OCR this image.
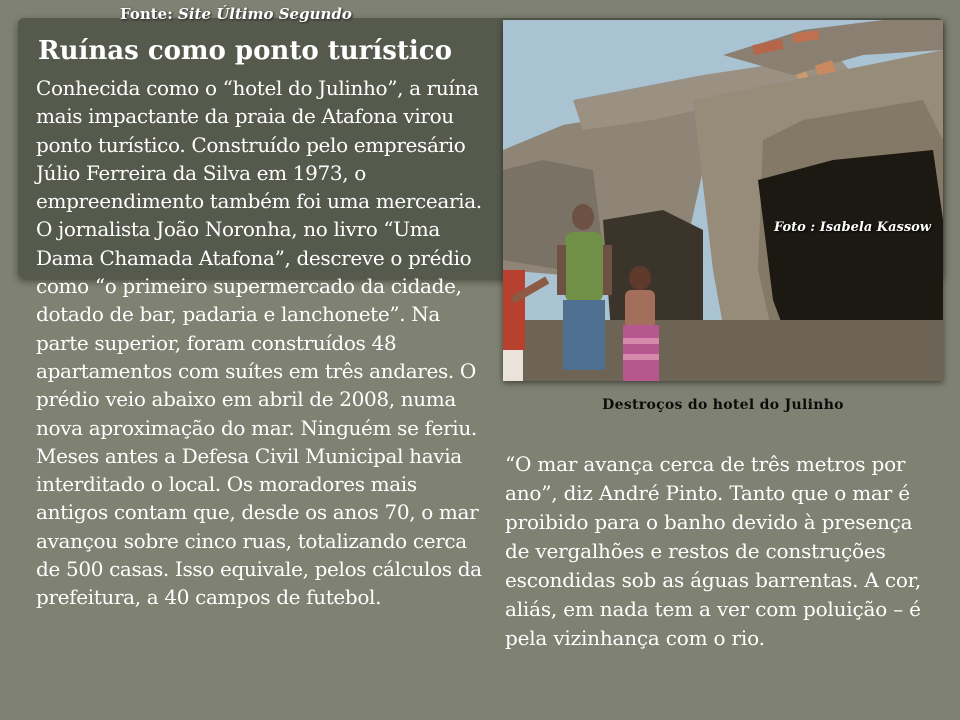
Fonte: Site Último Segundo
Ruínas como ponto turístico
Conhecida como o “hotel do Julinho”, a ruína mais impactante da praia de Atafona virou ponto turístico. Construído pelo empresário Júlio Ferreira da Silva em 1973, o empreendimento também foi uma mercearia. O jornalista João Noronha, no livro “Uma Dama Chamada Atafona”, descreve o prédio como “o primeiro supermercado da cidade, dotado de bar, padaria e lanchonete”. Na parte superior, foram construídos 48 apartamentos com suítes em três andares. O prédio veio abaixo em abril de 2008, numa nova aproximação do mar. Ninguém se feriu. Meses antes a Defesa Civil Municipal havia interditado o local. Os moradores mais antigos contam que, desde os anos 70, o mar avançou sobre cinco ruas, totalizando cerca de 500 casas. Isso equivale, pelos cálculos da prefeitura, a 40 campos de futebol.
Foto : Isabela Kassow
Destroços do hotel do Julinho
“O mar avança cerca de três metros por ano”, diz André Pinto. Tanto que o mar é proibido para o banho devido à presença de vergalhões e restos de construções escondidas sob as águas barrentas. A cor, aliás, em nada tem a ver com poluição – é pela vizinhança com o rio.
